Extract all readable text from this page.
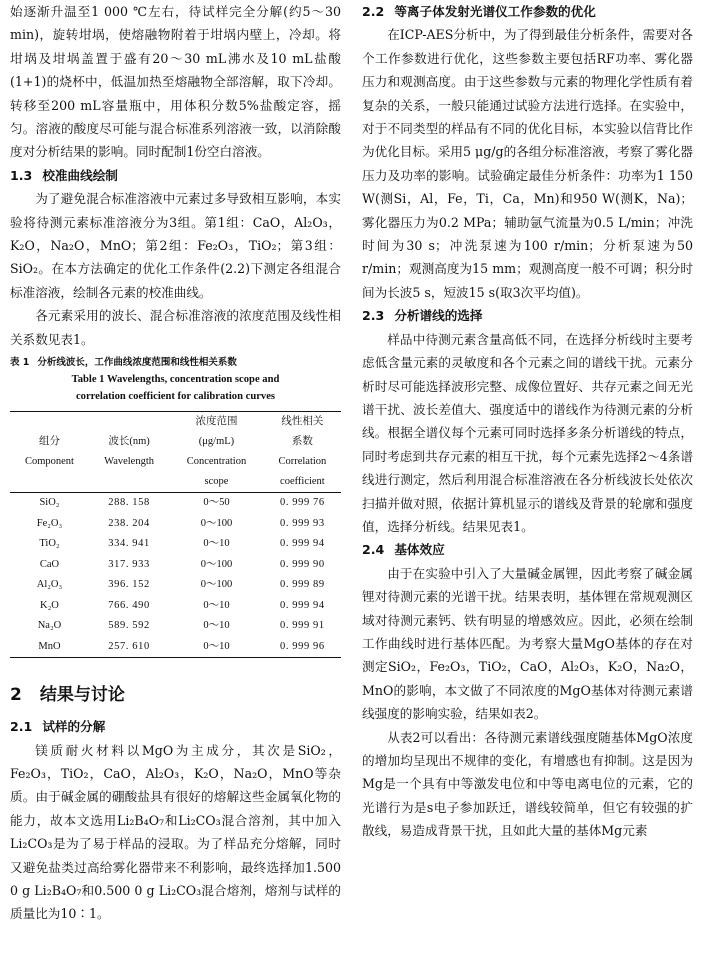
始逐渐升温至1 000 ℃左右，待试样完全分解(约5～30 min)，旋转坩埚，使熔融物附着于坩埚内壁上，冷却。将坩埚及坩埚盖置于盛有20～30 mL沸水及10 mL盐酸(1+1)的烧杯中，低温加热至熔融物全部溶解，取下冷却。转移至200 mL容量瓶中，用体积分数5%盐酸定容，摇匀。溶液的酸度尽可能与混合标准系列溶液一致，以消除酸度对分析结果的影响。同时配制1份空白溶液。

1.3 校准曲线绘制

为了避免混合标准溶液中元素过多导致相互影响，本实验将待测元素标准溶液分为3组。第1组：CaO，Al₂O₃，K₂O，Na₂O，MnO；第2组：Fe₂O₃，TiO₂；第3组：SiO₂。在本方法确定的优化工作条件(2.2)下测定各组混合标准溶液，绘制各元素的校准曲线。

各元素采用的波长、混合标准溶液的浓度范围及线性相关系数见表1。

表 1 分析线波长，工作曲线浓度范围和线性相关系数
Table 1 Wavelengths, concentration scope and
correlation coefficient for calibration curves
		浓度范围	线性相关
组分	波长(nm)	(μg/mL)	系数
Component	Wavelength	Concentration	Correlation
		scope	coefficient
SiO₂	288. 158	0～50	0. 999 76
Fe₂O₃	238. 204	0～100	0. 999 93
TiO₂	334. 941	0～10	0. 999 94
CaO	317. 933	0～100	0. 999 90
Al₂O₃	396. 152	0～100	0. 999 89
K₂O	766. 490	0～10	0. 999 94
Na₂O	589. 592	0～10	0. 999 91
MnO	257. 610	0～10	0. 999 96
2 结果与讨论
2.1 试样的分解

镁质耐火材料以MgO为主成分，其次是SiO₂，Fe₂O₃，TiO₂，CaO，Al₂O₃，K₂O，Na₂O，MnO等杂质。由于碱金属的硼酸盐具有很好的熔解这些金属氧化物的能力，故本文选用Li₂B₄O₇和Li₂CO₃混合溶剂，其中加入Li₂CO₃是为了易于样品的浸取。为了样品充分熔解，同时又避免盐类过高给雾化器带来不利影响，最终选择加1.500 0 g Li₂B₄O₇和0.500 0 g Li₂CO₃混合熔剂，熔剂与试样的质量比为10∶1。

2.2 等离子体发射光谱仪工作参数的优化

在ICP-AES分析中，为了得到最佳分析条件，需要对各个工作参数进行优化，这些参数主要包括RF功率、雾化器压力和观测高度。由于这些参数与元素的物理化学性质有着复杂的关系，一般只能通过试验方法进行选择。在实验中，对于不同类型的样品有不同的优化目标，本实验以信背比作为优化目标。采用5 μg/g的各组分标准溶液，考察了雾化器压力及功率的影响。试验确定最佳分析条件：功率为1 150 W(测Si，Al，Fe，Ti，Ca，Mn)和950 W(测K，Na)；雾化器压力为0.2 MPa；辅助氩气流量为0.5 L/min；冲洗时间为30 s；冲洗泵速为100 r/min；分析泵速为50 r/min；观测高度为15 mm；观测高度一般不可调；积分时间为长波5 s，短波15 s(取3次平均值)。

2.3 分析谱线的选择

样品中待测元素含量高低不同，在选择分析线时主要考虑低含量元素的灵敏度和各个元素之间的谱线干扰。元素分析时尽可能选择波形完整、成像位置好、共存元素之间无光谱干扰、波长差值大、强度适中的谱线作为待测元素的分析线。根据全谱仪每个元素可同时选择多条分析谱线的特点，同时考虑到共存元素的相互干扰，每个元素先选择2～4条谱线进行测定，然后利用混合标准溶液在各分析线波长处依次扫描并做对照，依据计算机显示的谱线及背景的轮廓和强度值，选择分析线。结果见表1。

2.4 基体效应

由于在实验中引入了大量碱金属锂，因此考察了碱金属锂对待测元素的光谱干扰。结果表明，基体锂在常规观测区域对待测元素钙、铁有明显的增感效应。因此，必须在绘制工作曲线时进行基体匹配。为考察大量MgO基体的存在对测定SiO₂，Fe₂O₃，TiO₂，CaO，Al₂O₃，K₂O，Na₂O，MnO的影响，本文做了不同浓度的MgO基体对待测元素谱线强度的影响实验，结果如表2。

从表2可以看出：各待测元素谱线强度随基体MgO浓度的增加均呈现出不规律的变化，有增感也有抑制。这是因为Mg是一个具有中等激发电位和中等电离电位的元素，它的光谱行为是s电子参加跃迁，谱线较简单，但它有较强的扩散线，易造成背景干扰，且如此大量的基体Mg元素
